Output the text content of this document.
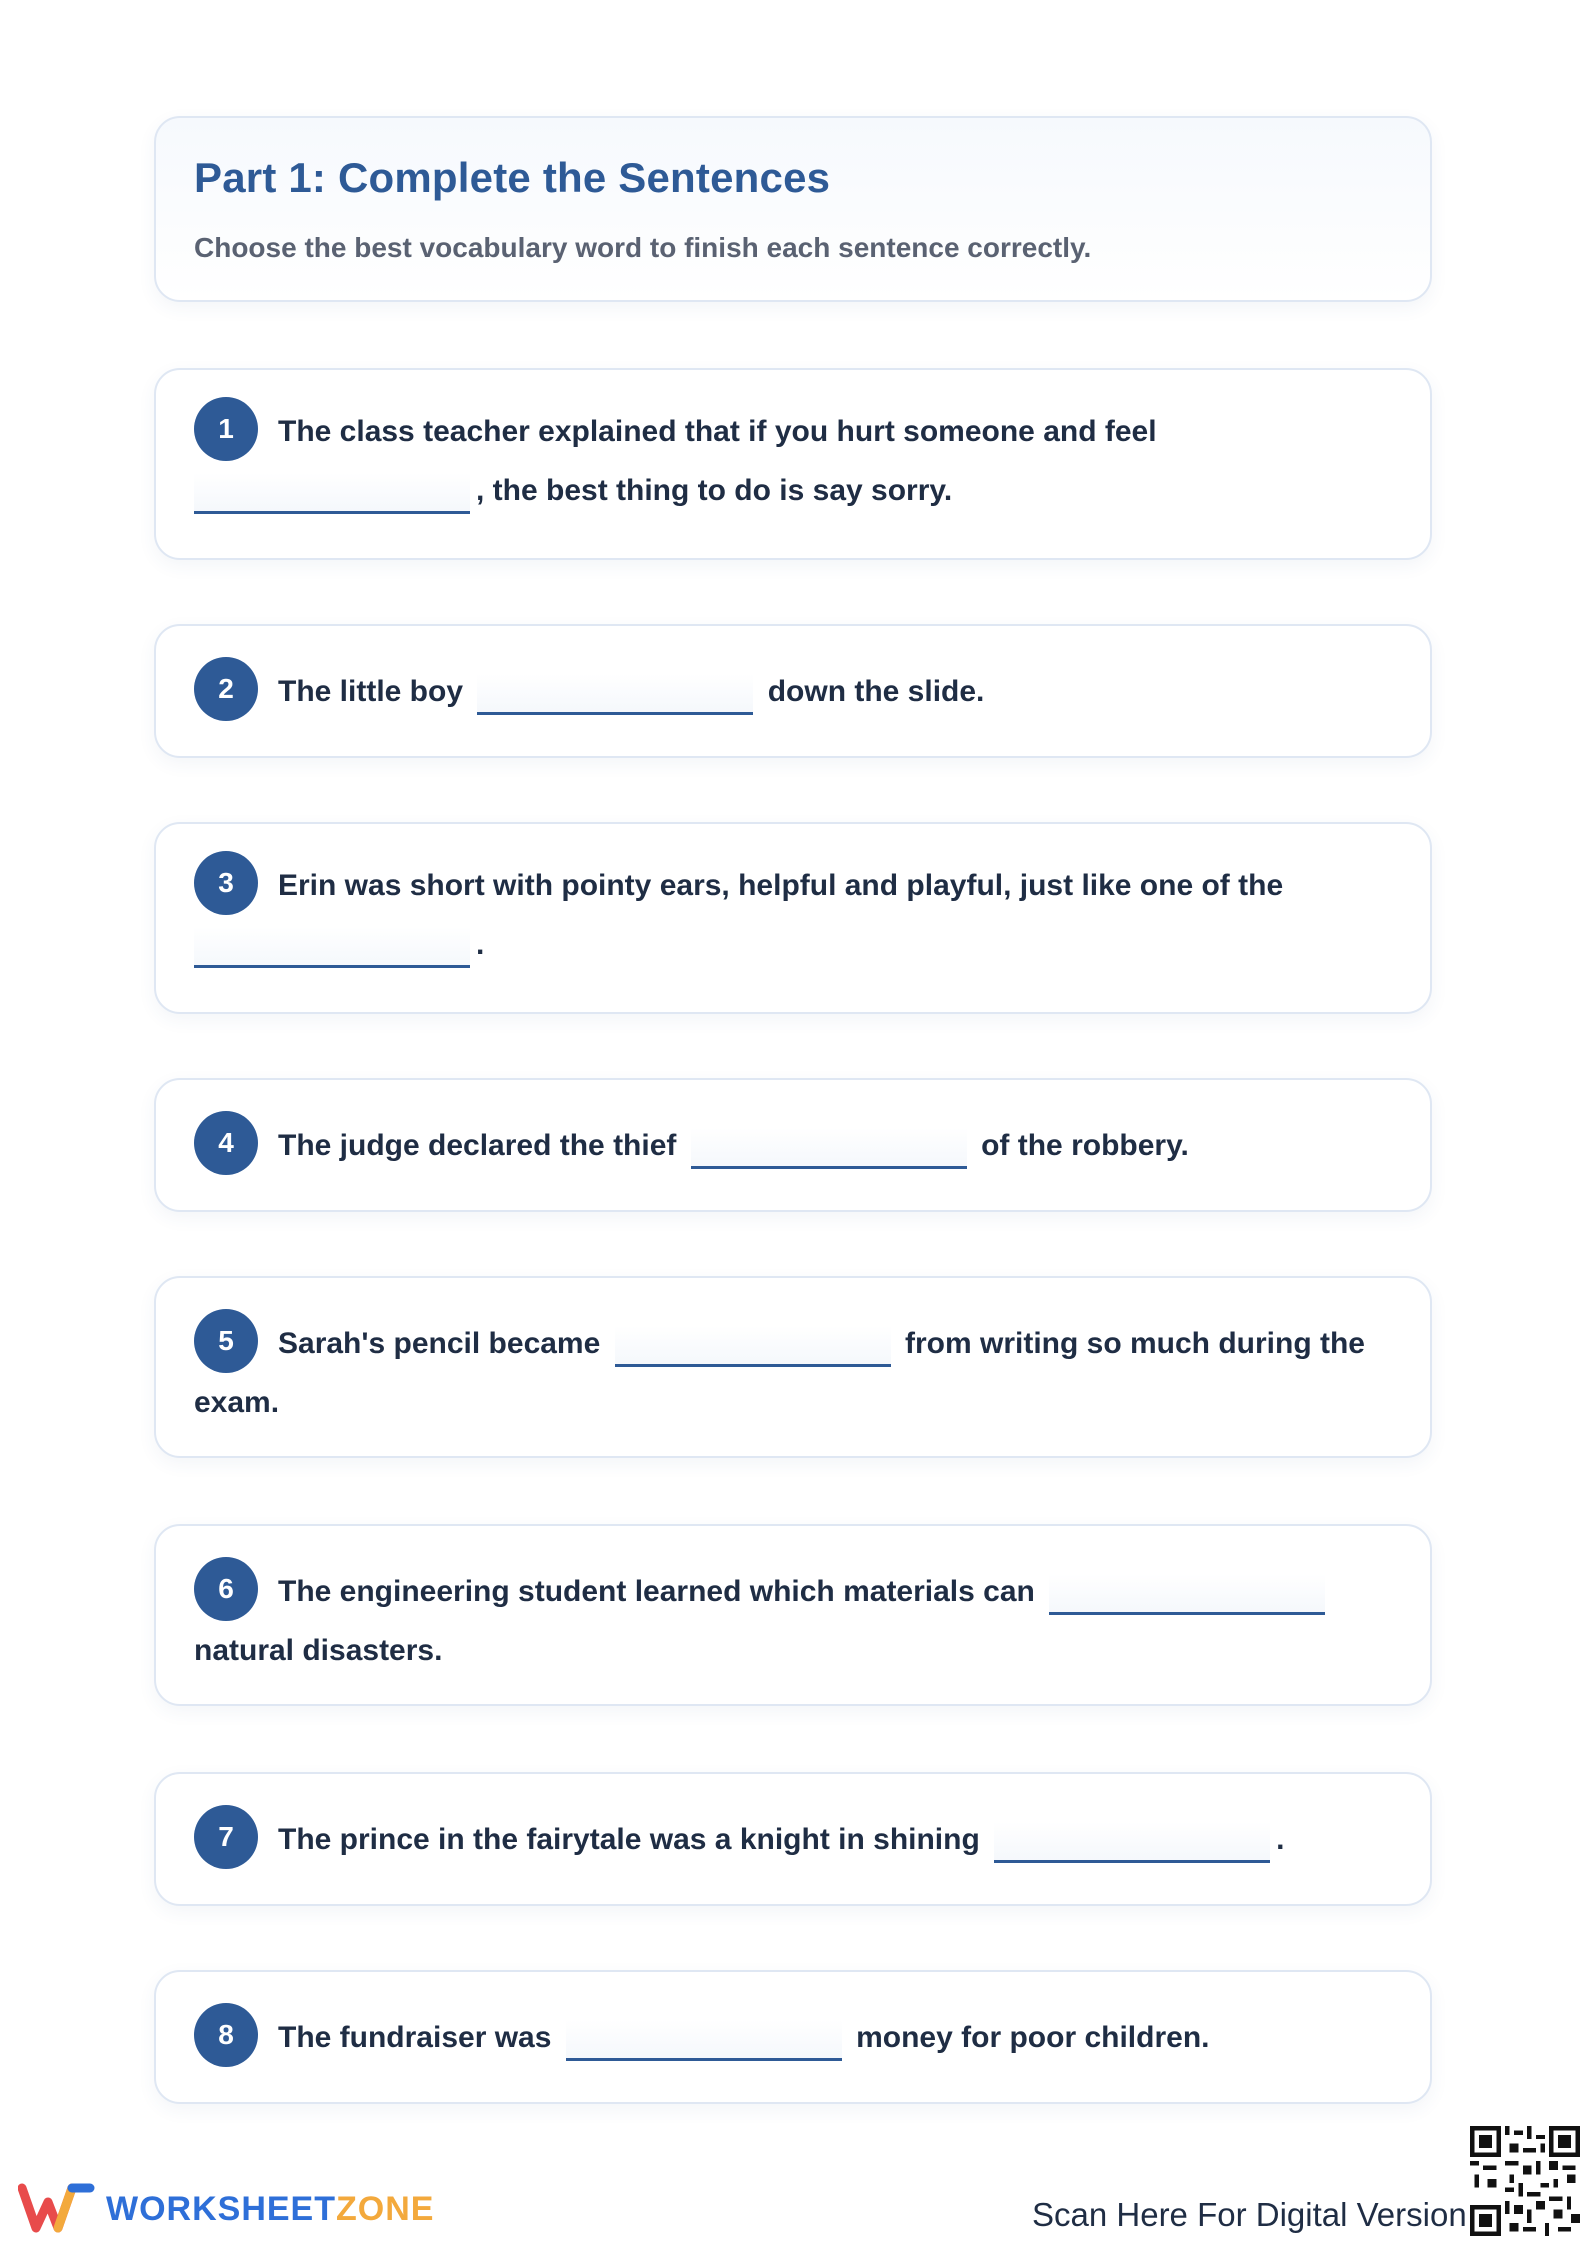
Part 1: Complete the Sentences
Choose the best vocabulary word to finish each sentence correctly.
1 The class teacher explained that if you hurt someone and feel
, the best thing to do is say sorry.
2 The little boy	down the slide.
3 Erin was short with pointy ears, helpful and playful, just like one of the
.
4 The judge declared the thief	of the robbery.
5 Sarah's pencil became	from writing so much during the exam.
6 The engineering student learned which materials can  natural disasters.
7 The prince in the fairytale was a knight in shining	.
8 The fundraiser was	money for poor children.
WORKSHEETZONE	Scan Here For Digital Version
